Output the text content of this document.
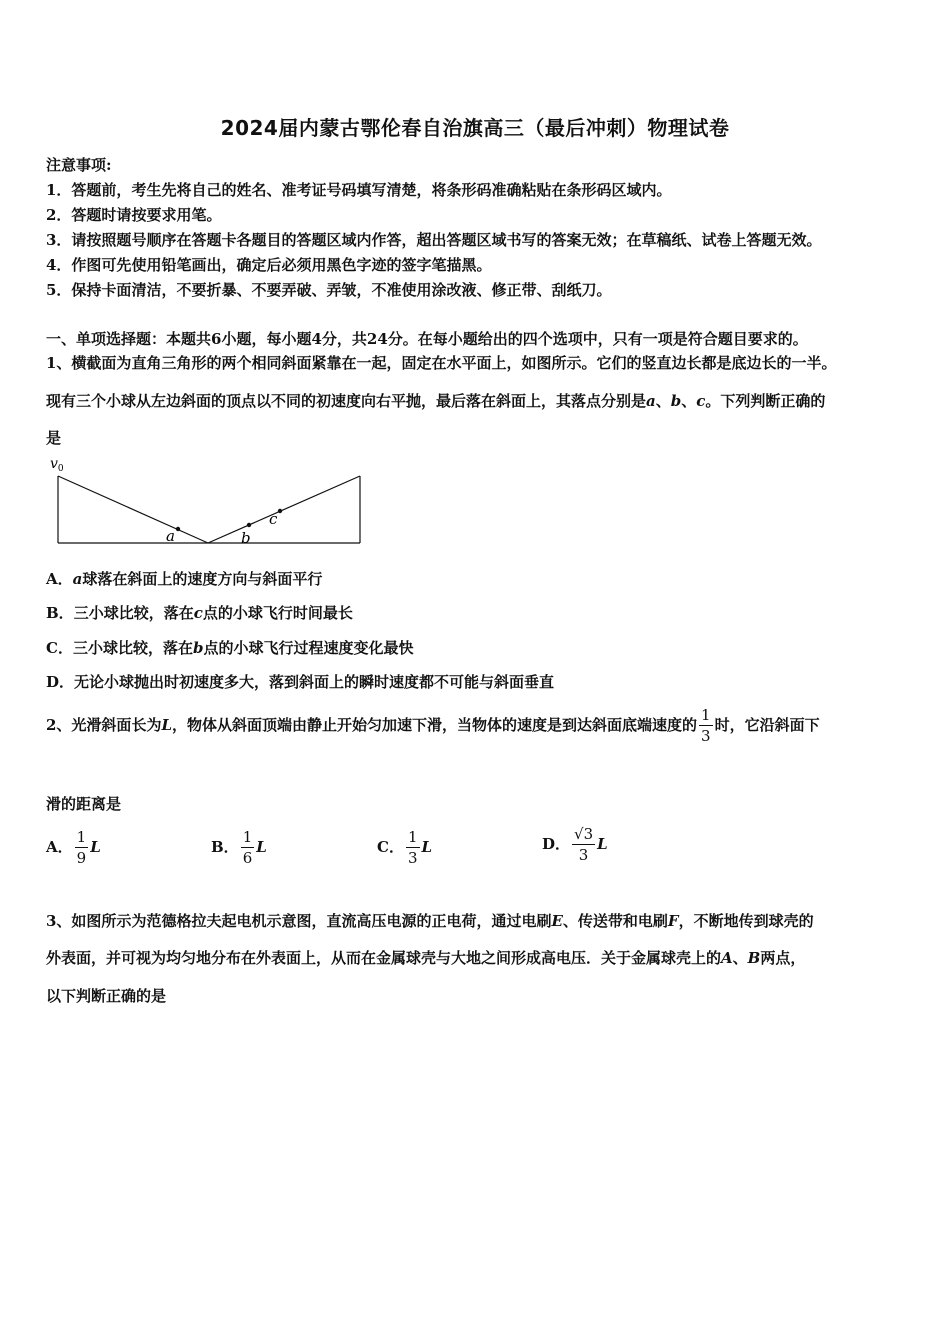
2024届内蒙古鄂伦春自治旗高三（最后冲刺）物理试卷
注意事项:
1．答题前，考生先将自己的姓名、准考证号码填写清楚，将条形码准确粘贴在条形码区域内。
2．答题时请按要求用笔。
3．请按照题号顺序在答题卡各题目的答题区域内作答，超出答题区域书写的答案无效；在草稿纸、试卷上答题无效。
4．作图可先使用铅笔画出，确定后必须用黑色字迹的签字笔描黑。
5．保持卡面清洁，不要折暴、不要弄破、弄皱，不准使用涂改液、修正带、刮纸刀。
一、单项选择题：本题共6小题，每小题4分，共24分。在每小题给出的四个选项中，只有一项是符合题目要求的。
1、横截面为直角三角形的两个相同斜面紧靠在一起，固定在水平面上，如图所示。它们的竖直边长都是底边长的一半。
现有三个小球从左边斜面的顶点以不同的初速度向右平抛，最后落在斜面上，其落点分别是a、b、c。下列判断正确的
是
$v_0$
a	b
c
A．a球落在斜面上的速度方向与斜面平行
B．三小球比较，落在c点的小球飞行时间最长
C．三小球比较，落在b点的小球飞行过程速度变化最快
D．无论小球抛出时初速度多大，落到斜面上的瞬时速度都不可能与斜面垂直
2、光滑斜面长为L，物体从斜面顶端由静止开始匀加速下滑，当物体的速度是到达斜面底端速度的 $\frac{1}{3}$ 时，它沿斜面下
滑的距离是
A． $\frac{1}{9}$ L	B． $\frac{1}{6}$ L	C． $\frac{1}{3}$ L	D． $\frac{√3}{3}$ L
3、如图所示为范德格拉夫起电机示意图，直流高压电源的正电荷，通过电刷E、传送带和电刷F，不断地传到球壳的
外表面，并可视为均匀地分布在外表面上，从而在金属球壳与大地之间形成高电压．关于金属球壳上的A、B两点，
以下判断正确的是
